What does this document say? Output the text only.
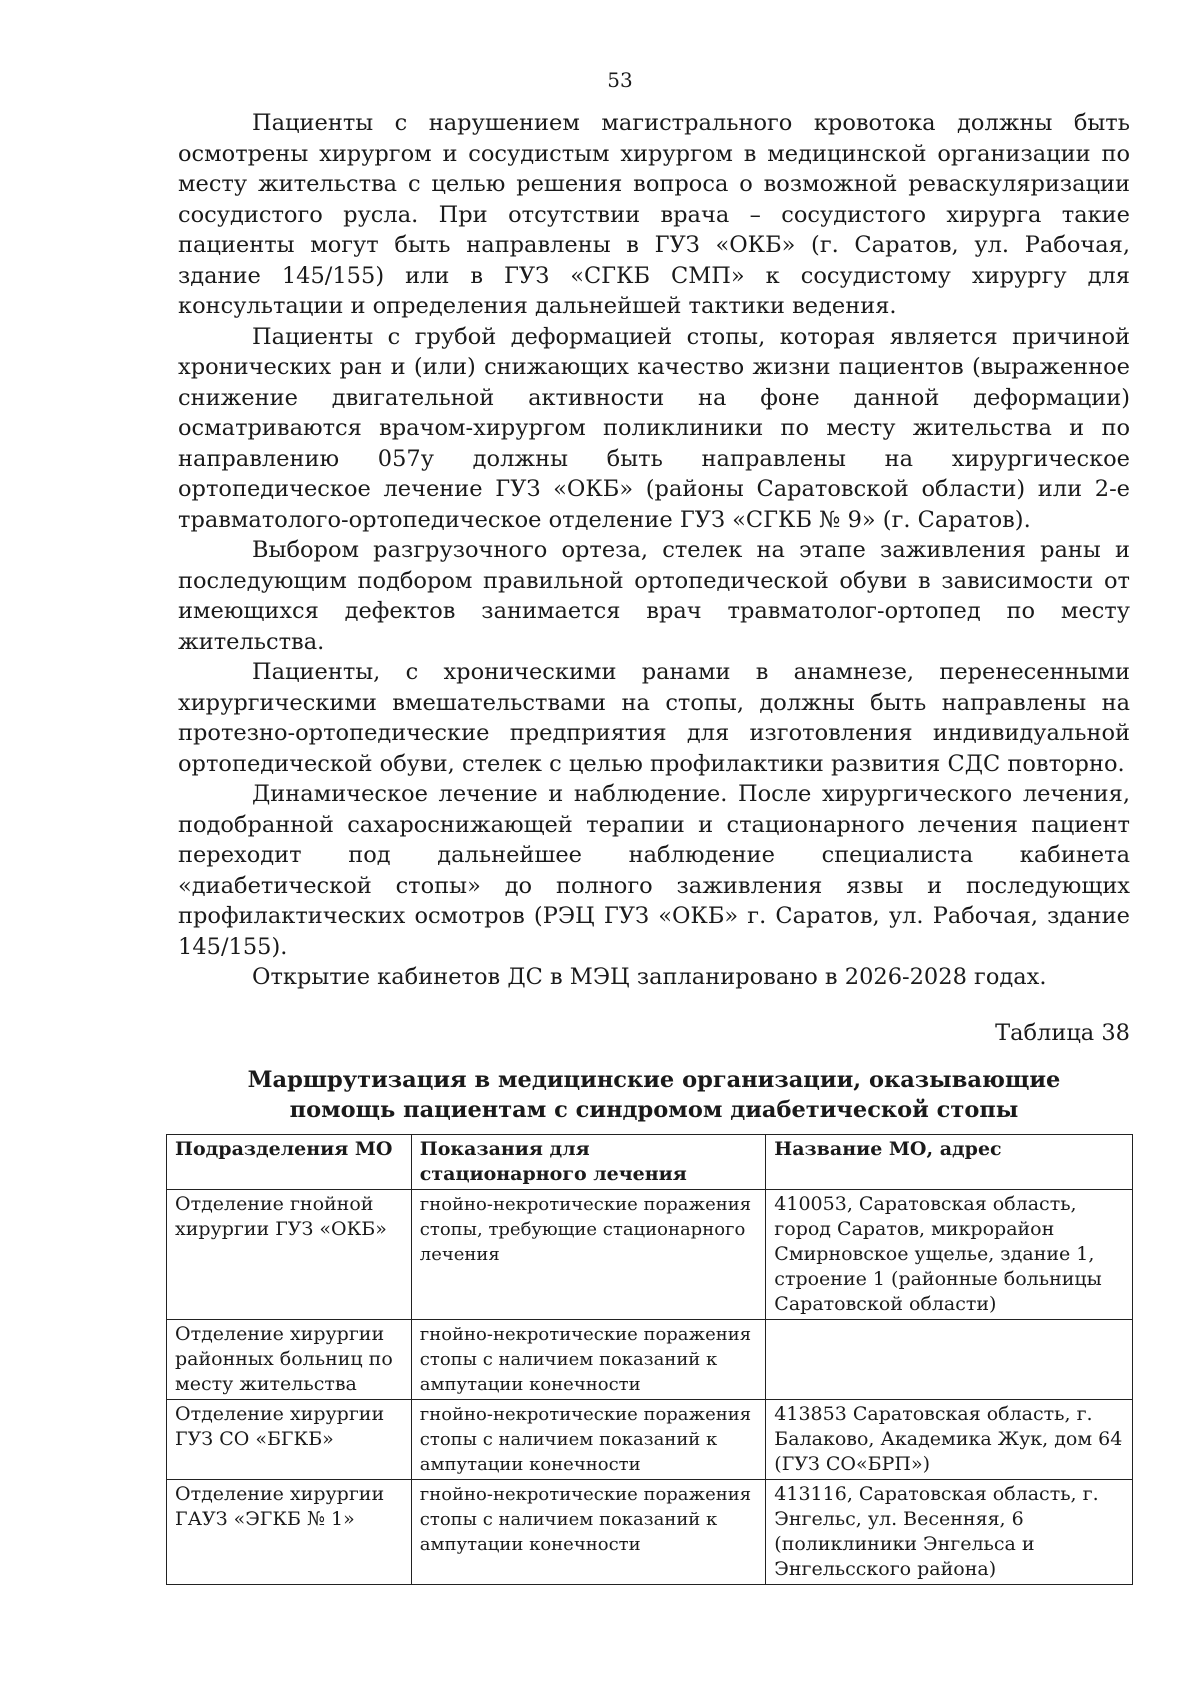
53

Пациенты с нарушением магистрального кровотока должны быть осмотрены хирургом и сосудистым хирургом в медицинской организации по месту жительства с целью решения вопроса о возможной реваскуляризации сосудистого русла. При отсутствии врача – сосудистого хирурга такие пациенты могут быть направлены в ГУЗ «ОКБ» (г. Саратов, ул. Рабочая, здание 145/155) или в ГУЗ «СГКБ СМП» к сосудистому хирургу для консультации и определения дальнейшей тактики ведения.

Пациенты с грубой деформацией стопы, которая является причиной хронических ран и (или) снижающих качество жизни пациентов (выраженное снижение двигательной активности на фоне данной деформации) осматриваются врачом-хирургом поликлиники по месту жительства и по направлению 057у должны быть направлены на хирургическое ортопедическое лечение ГУЗ «ОКБ» (районы Саратовской области) или 2-е травматолого-ортопедическое отделение ГУЗ «СГКБ № 9» (г. Саратов).

Выбором разгрузочного ортеза, стелек на этапе заживления раны и последующим подбором правильной ортопедической обуви в зависимости от имеющихся дефектов занимается врач травматолог-ортопед по месту жительства.

Пациенты, с хроническими ранами в анамнезе, перенесенными хирургическими вмешательствами на стопы, должны быть направлены на протезно-ортопедические предприятия для изготовления индивидуальной ортопедической обуви, стелек с целью профилактики развития СДС повторно.

Динамическое лечение и наблюдение. После хирургического лечения, подобранной сахароснижающей терапии и стационарного лечения пациент переходит под дальнейшее наблюдение специалиста кабинета «диабетической стопы» до полного заживления язвы и последующих профилактических осмотров (РЭЦ ГУЗ «ОКБ» г. Саратов, ул. Рабочая, здание 145/155).

Открытие кабинетов ДС в МЭЦ запланировано в 2026-2028 годах.

Таблица 38
Маршрутизация в медицинские организации, оказывающие
помощь пациентам с синдромом диабетической стопы
Подразделения МО	Показания для стационарного лечения	Название МО, адрес
Отделение гнойной хирургии ГУЗ «ОКБ»	гнойно-некротические поражения стопы, требующие стационарного лечения	410053, Саратовская область, город Саратов, микрорайон Смирновское ущелье, здание 1, строение 1 (районные больницы Саратовской области)
Отделение хирургии районных больниц по месту жительства	гнойно-некротические поражения стопы с наличием показаний к ампутации конечности	
Отделение хирургии ГУЗ СО «БГКБ»	гнойно-некротические поражения стопы с наличием показаний к ампутации конечности	413853 Саратовская область, г. Балаково, Академика Жук, дом 64 (ГУЗ СО«БРП»)
Отделение хирургии ГАУЗ «ЭГКБ № 1»	гнойно-некротические поражения стопы с наличием показаний к ампутации конечности	413116, Саратовская область, г. Энгельс, ул. Весенняя, 6 (поликлиники Энгельса и Энгельсского района)
